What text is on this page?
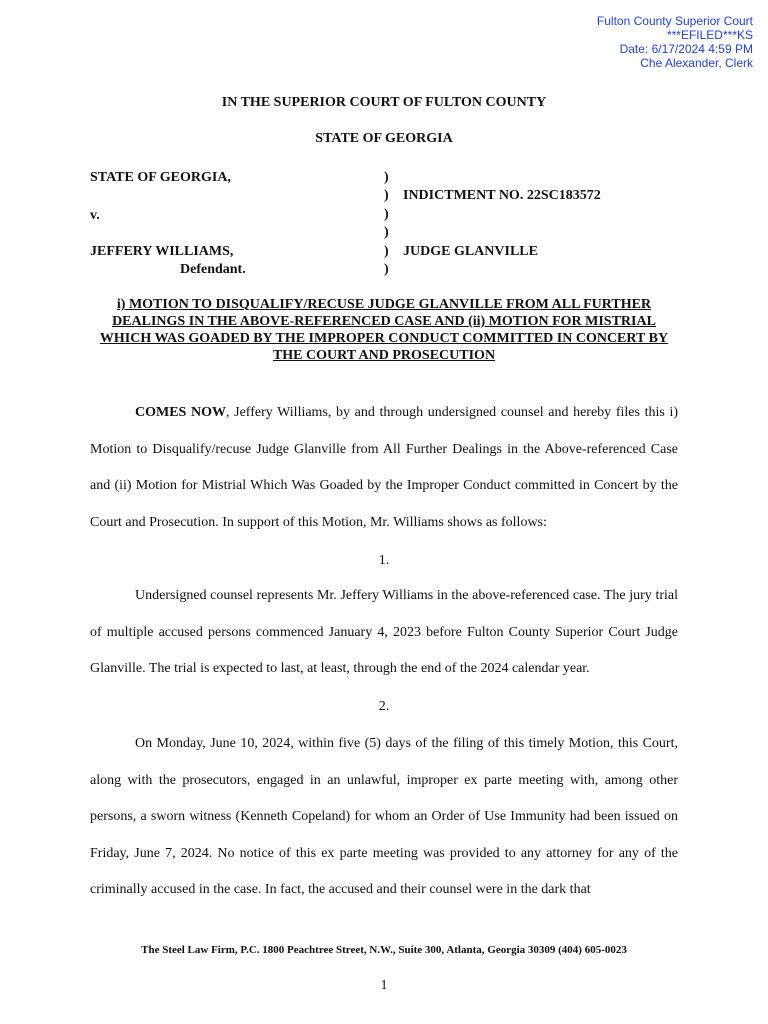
Fulton County Superior Court
***EFILED***KS
Date: 6/17/2024 4:59 PM
Che Alexander, Clerk
IN THE SUPERIOR COURT OF FULTON COUNTY
STATE OF GEORGIA
STATE OF GEORGIA,
v.
JEFFERY WILLIAMS,
Defendant.
)
)
)
)
)
)
INDICTMENT NO. 22SC183572
JUDGE GLANVILLE
i) MOTION TO DISQUALIFY/RECUSE JUDGE GLANVILLE FROM ALL FURTHER DEALINGS IN THE ABOVE-REFERENCED CASE AND (ii) MOTION FOR MISTRIAL WHICH WAS GOADED BY THE IMPROPER CONDUCT COMMITTED IN CONCERT BY THE COURT AND PROSECUTION
COMES NOW, Jeffery Williams, by and through undersigned counsel and hereby files this i) Motion to Disqualify/recuse Judge Glanville from All Further Dealings in the Above-referenced Case and (ii) Motion for Mistrial Which Was Goaded by the Improper Conduct committed in Concert by the Court and Prosecution. In support of this Motion, Mr. Williams shows as follows:
1.
Undersigned counsel represents Mr. Jeffery Williams in the above-referenced case. The jury trial of multiple accused persons commenced January 4, 2023 before Fulton County Superior Court Judge Glanville. The trial is expected to last, at least, through the end of the 2024 calendar year.
2.
On Monday, June 10, 2024, within five (5) days of the filing of this timely Motion, this Court, along with the prosecutors, engaged in an unlawful, improper ex parte meeting with, among other persons, a sworn witness (Kenneth Copeland) for whom an Order of Use Immunity had been issued on Friday, June 7, 2024. No notice of this ex parte meeting was provided to any attorney for any of the criminally accused in the case. In fact, the accused and their counsel were in the dark that
The Steel Law Firm, P.C. 1800 Peachtree Street, N.W., Suite 300, Atlanta, Georgia 30309 (404) 605-0023
1
